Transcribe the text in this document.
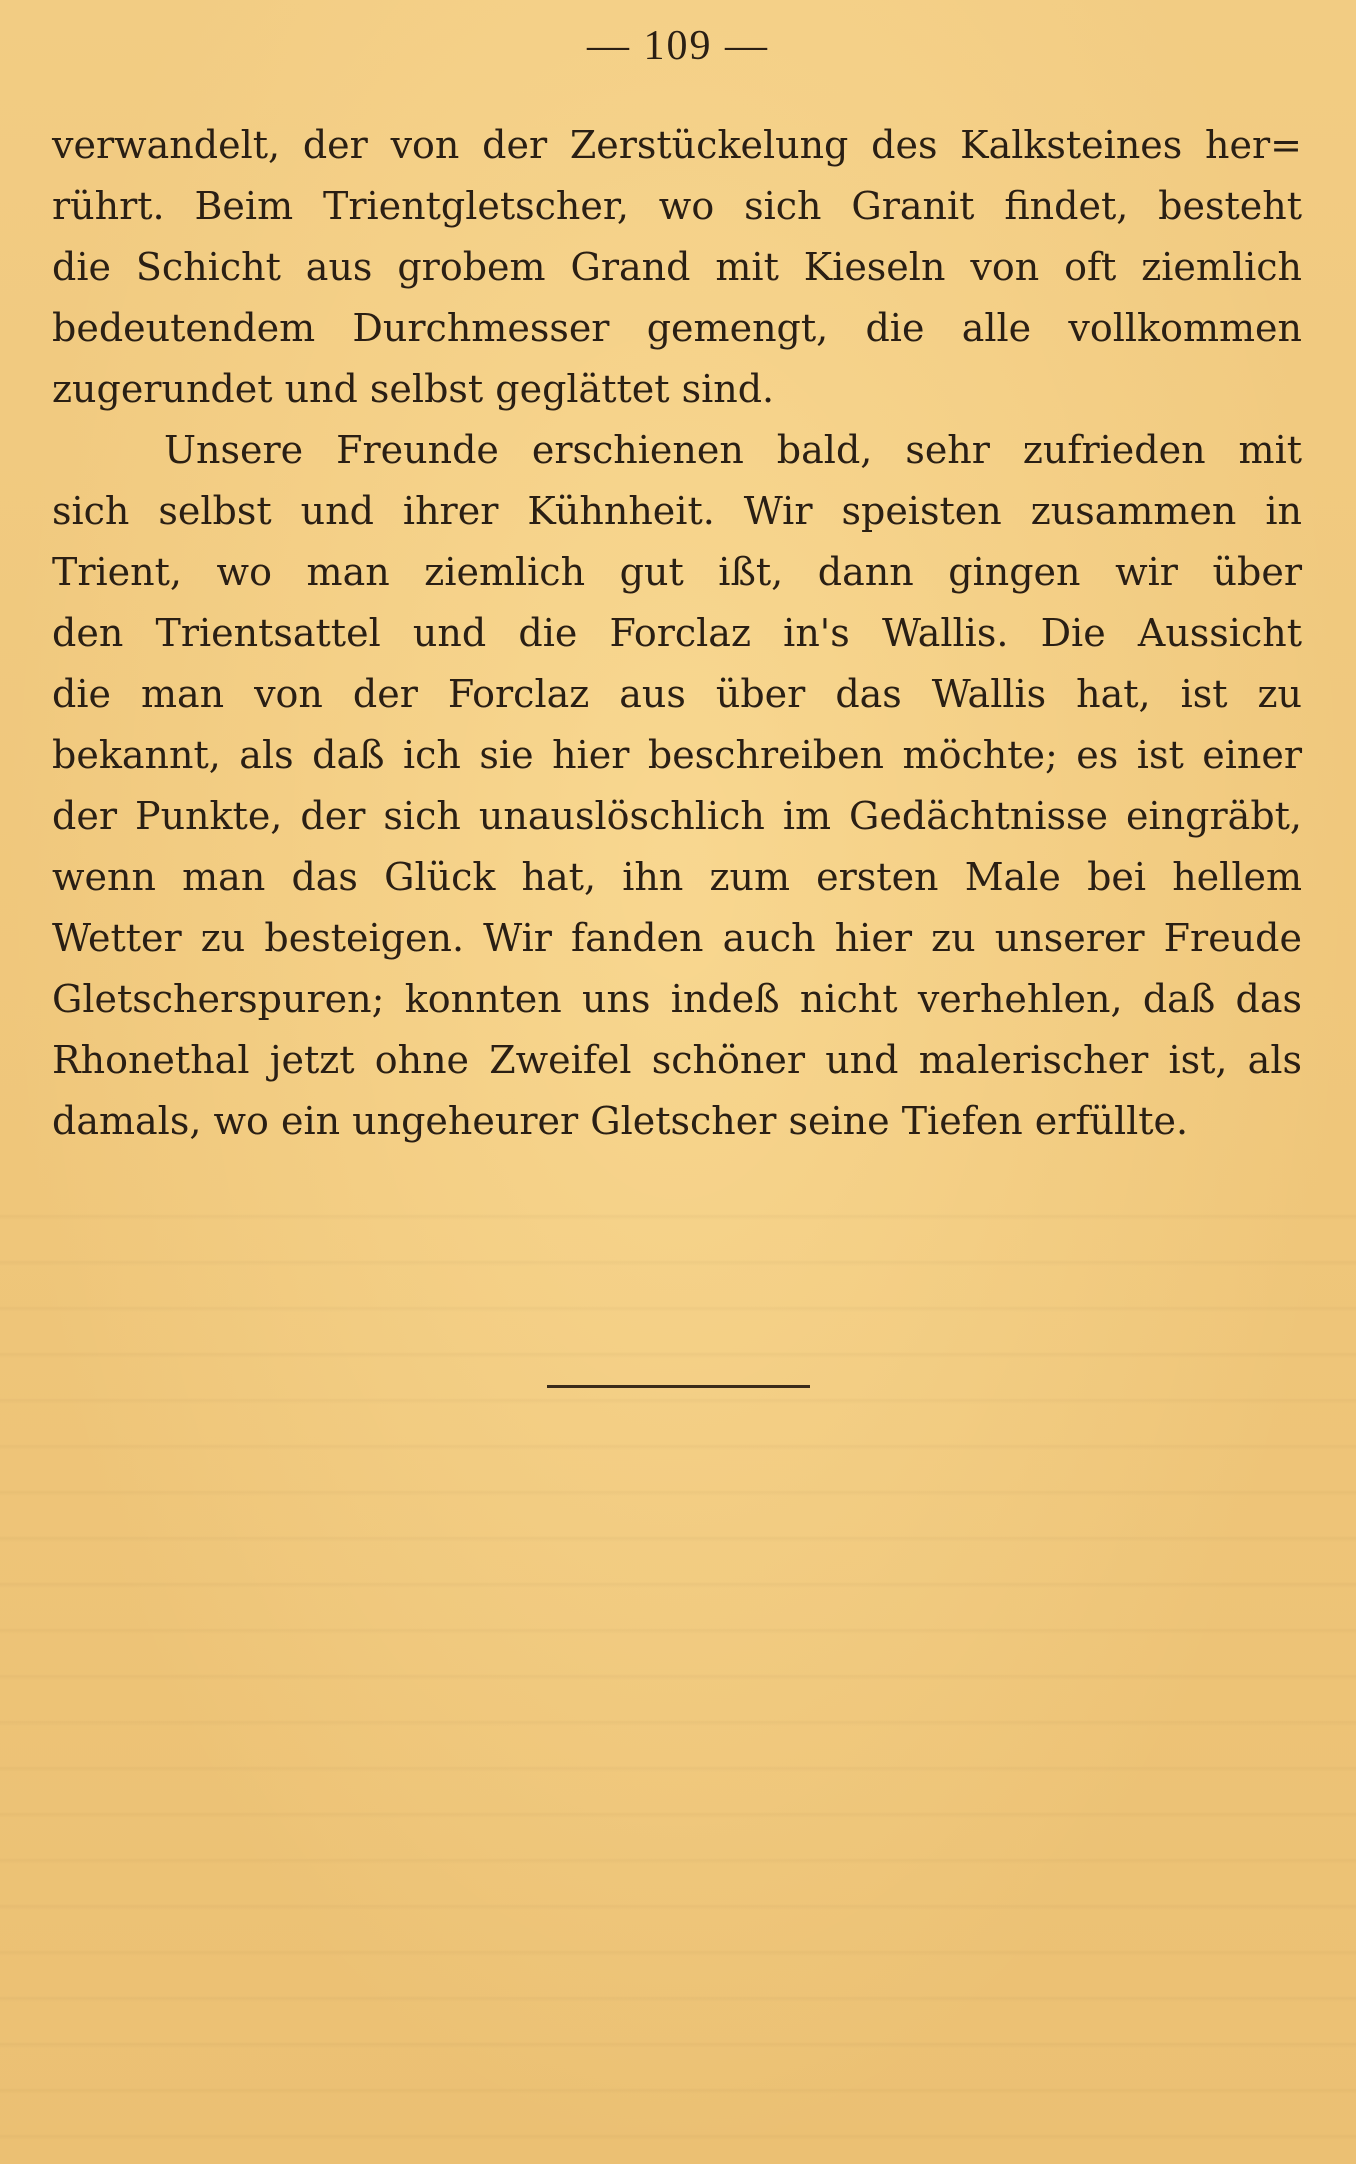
— 109 —
verwandelt, der von der Zerstückelung des Kalksteines her=
rührt. Beim Trientgletscher, wo sich Granit findet, besteht
die Schicht aus grobem Grand mit Kieseln von oft ziemlich
bedeutendem Durchmesser gemengt, die alle vollkommen
zugerundet und selbst geglättet sind.
Unsere Freunde erschienen bald, sehr zufrieden mit
sich selbst und ihrer Kühnheit. Wir speisten zusammen in
Trient, wo man ziemlich gut ißt, dann gingen wir über
den Trientsattel und die Forclaz in's Wallis. Die Aussicht
die man von der Forclaz aus über das Wallis hat, ist zu
bekannt, als daß ich sie hier beschreiben möchte; es ist einer
der Punkte, der sich unauslöschlich im Gedächtnisse eingräbt,
wenn man das Glück hat, ihn zum ersten Male bei hellem
Wetter zu besteigen. Wir fanden auch hier zu unserer Freude
Gletscherspuren; konnten uns indeß nicht verhehlen, daß das
Rhonethal jetzt ohne Zweifel schöner und malerischer ist, als
damals, wo ein ungeheurer Gletscher seine Tiefen erfüllte.
